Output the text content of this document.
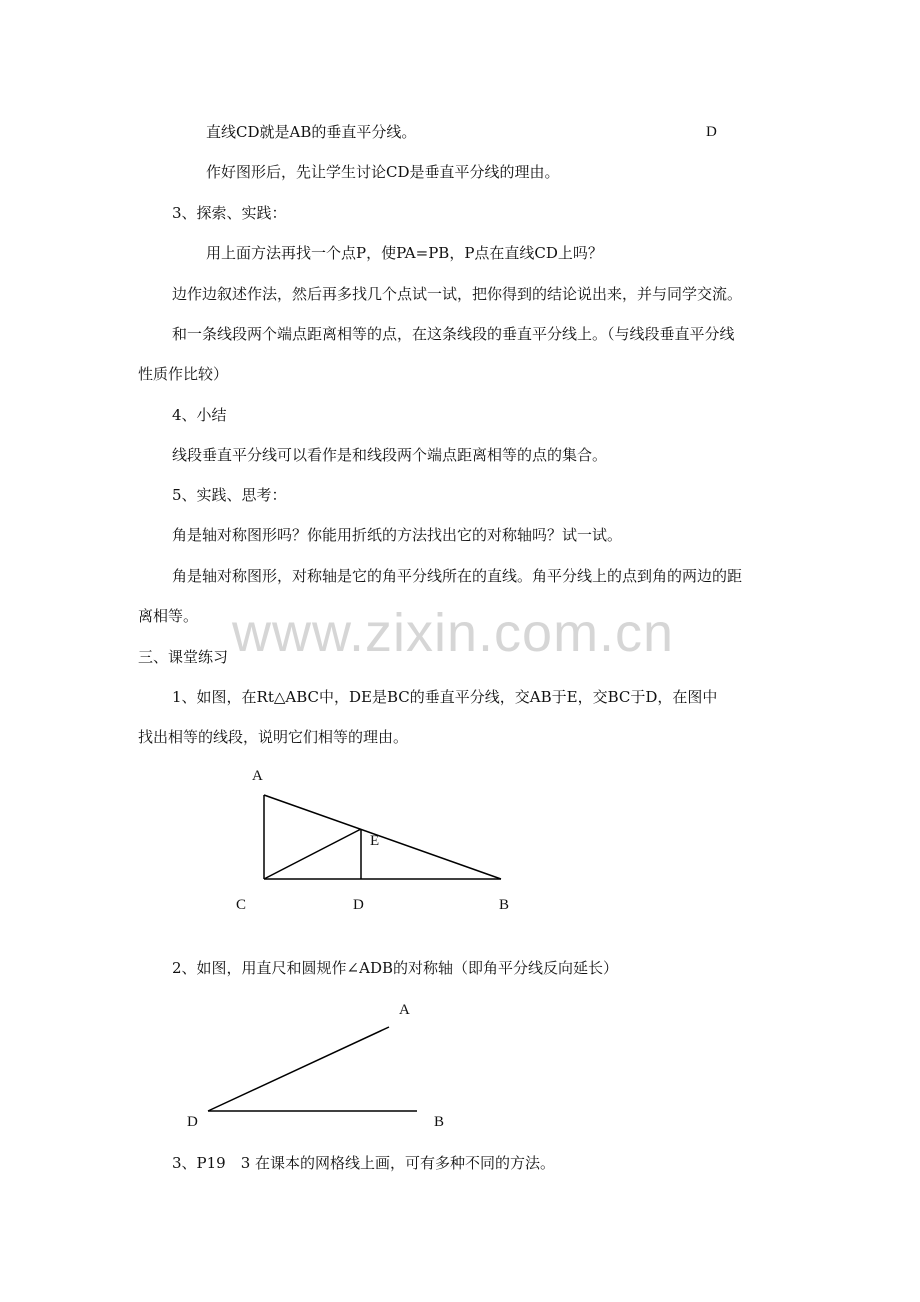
www.zixin.com.cn
直线CD就是AB的垂直平分线。	D
作好图形后，先让学生讨论CD是垂直平分线的理由。
3、探索、实践：
用上面方法再找一个点P，使PA=PB，P点在直线CD上吗？
边作边叙述作法，然后再多找几个点试一试，把你得到的结论说出来，并与同学交流。
和一条线段两个端点距离相等的点，在这条线段的垂直平分线上。（与线段垂直平分线
性质作比较）
4、小结
线段垂直平分线可以看作是和线段两个端点距离相等的点的集合。
5、实践、思考：
角是轴对称图形吗？你能用折纸的方法找出它的对称轴吗？试一试。
角是轴对称图形，对称轴是它的角平分线所在的直线。角平分线上的点到角的两边的距
离相等。
三、课堂练习
1、如图，在Rt△ABC中，DE是BC的垂直平分线，交AB于E，交BC于D，在图中
找出相等的线段，说明它们相等的理由。
A
E
C	D	B
2、如图，用直尺和圆规作∠ADB的对称轴（即角平分线反向延长）
A
D	B
3、P19　3 在课本的网格线上画，可有多种不同的方法。
